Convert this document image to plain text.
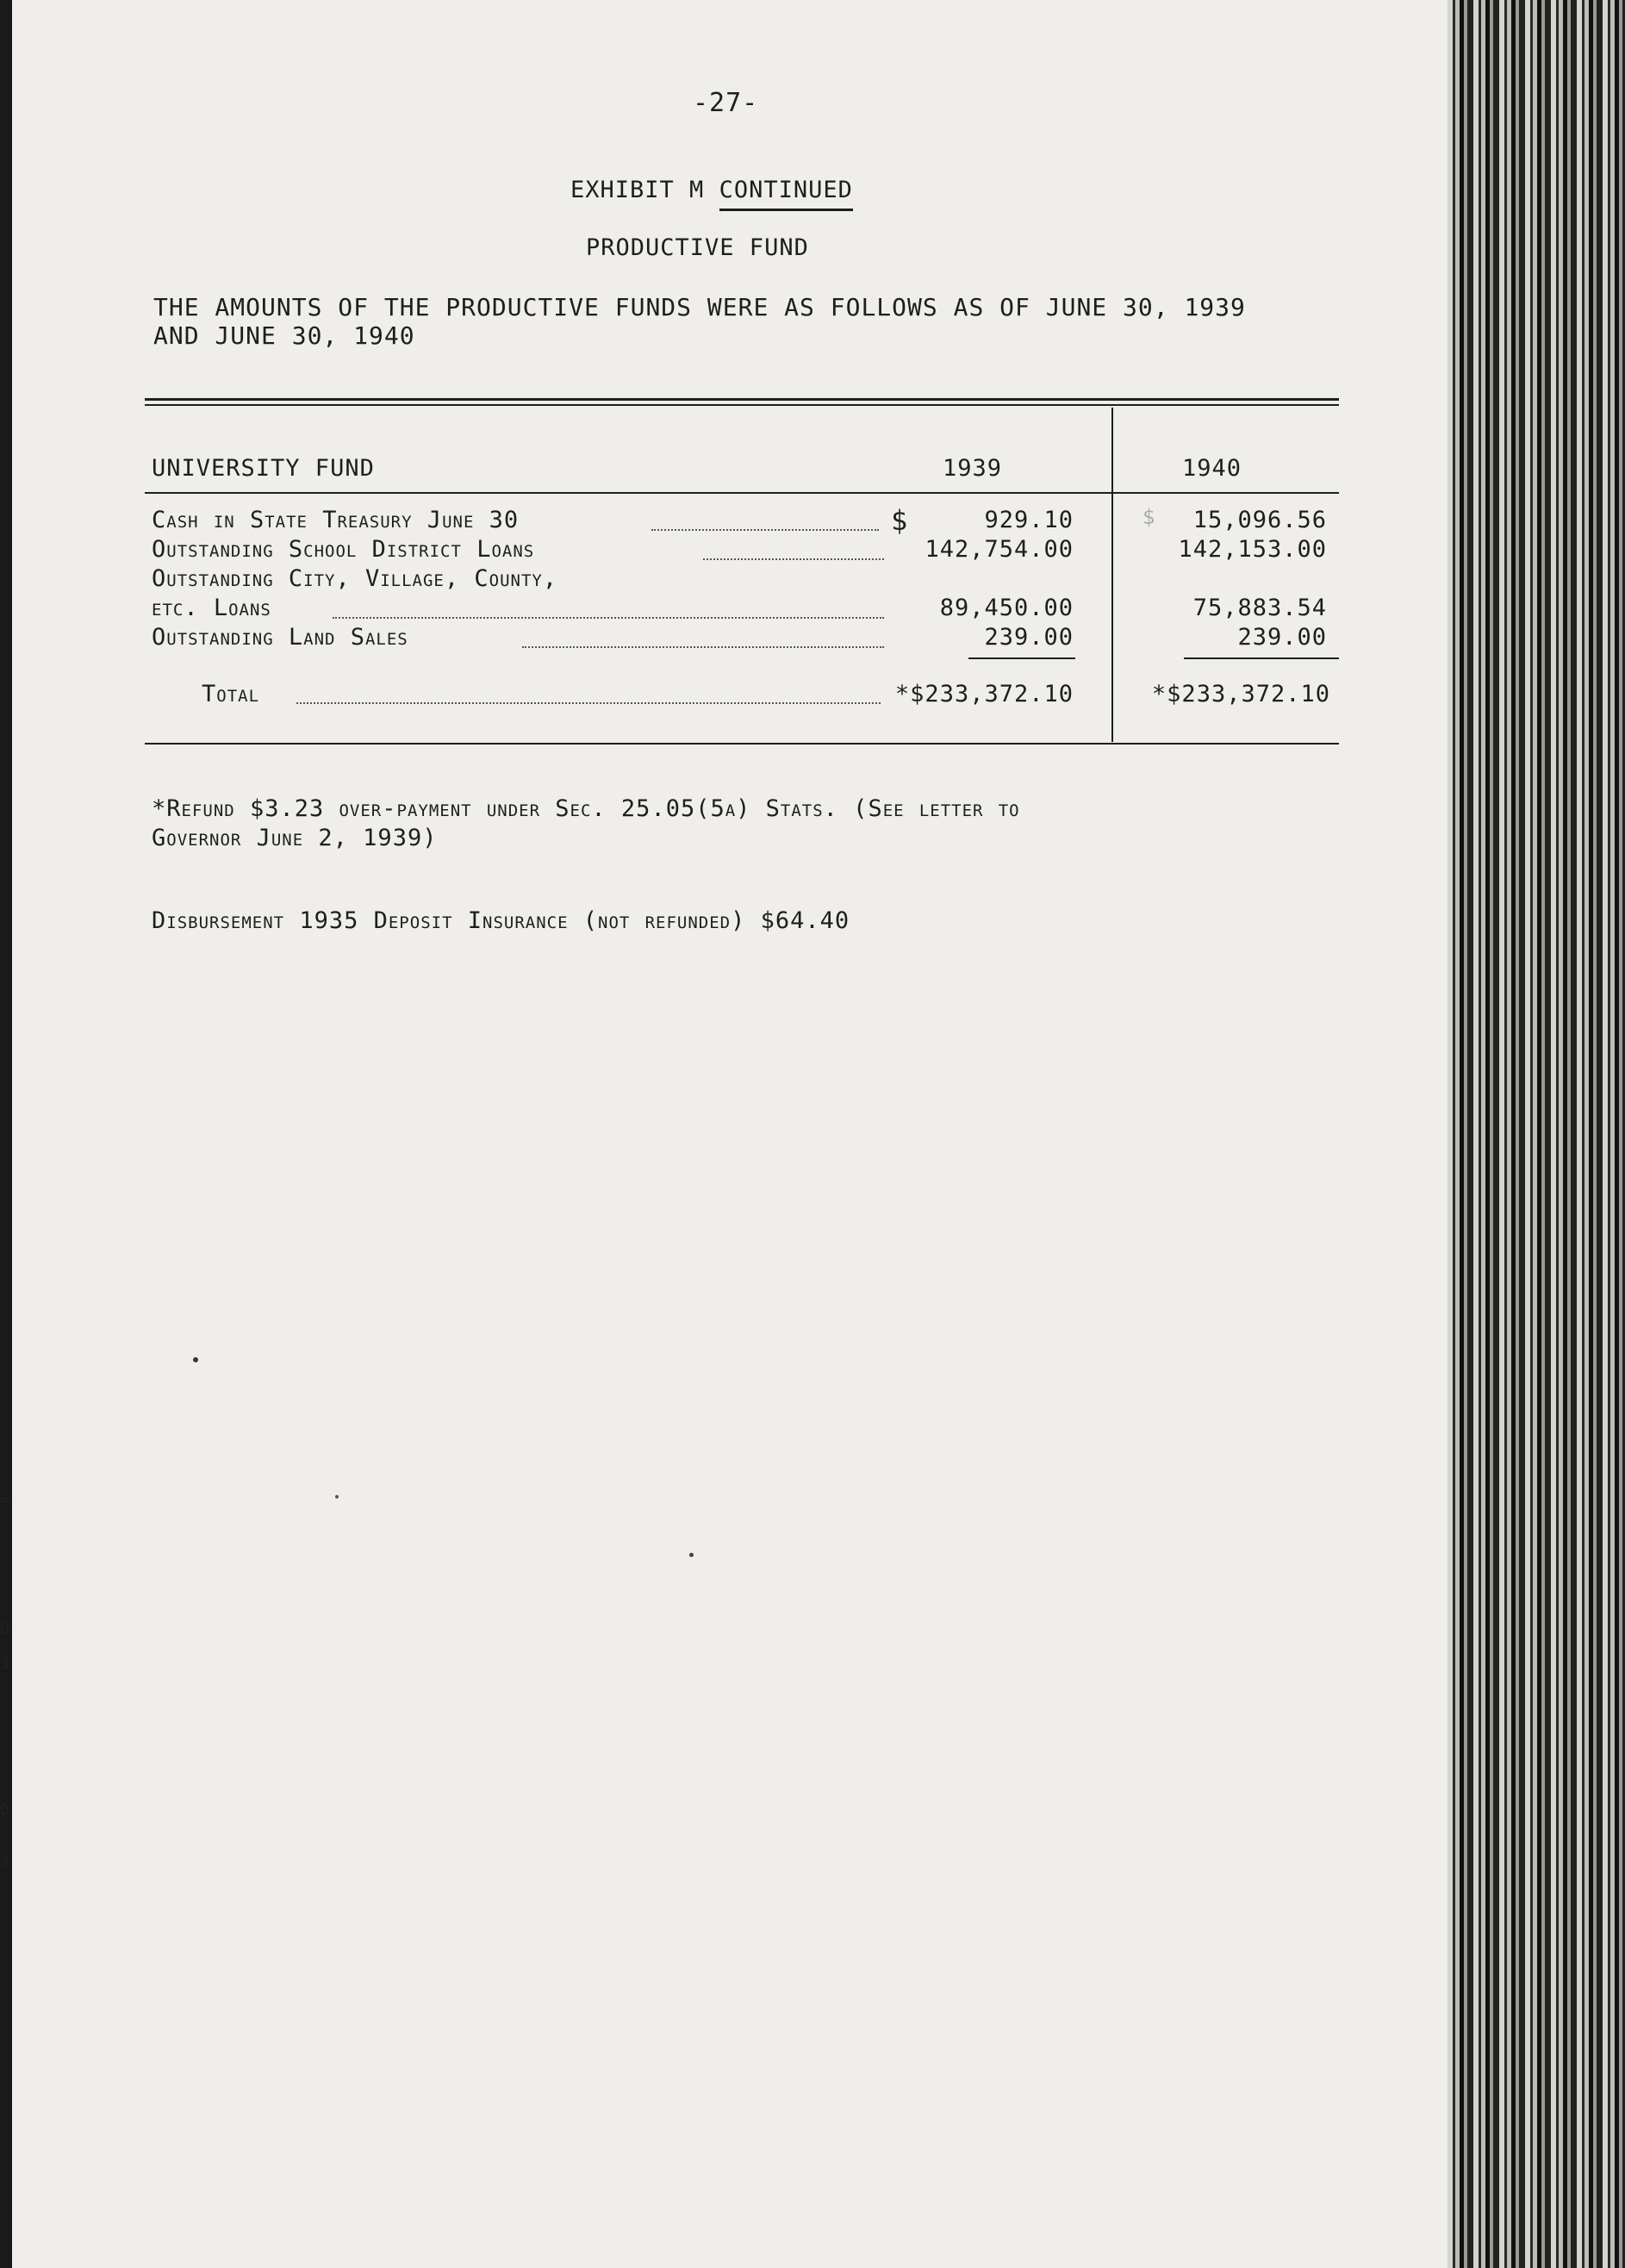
=
0
3
0
3
-27-
EXHIBIT M CONTINUED
PRODUCTIVE FUND
THE AMOUNTS OF THE PRODUCTIVE FUNDS WERE AS FOLLOWS AS OF JUNE 30, 1939
AND JUNE 30, 1940
UNIVERSITY FUND	1939	1940
Cash in State Treasury June 30	$	929.10	$	15,096.56
Outstanding School District Loans	142,754.00	142,153.00
Outstanding City, Village, County,
etc. Loans	89,450.00	75,883.54
Outstanding Land Sales	239.00	239.00
Total	*$233,372.10	*$233,372.10
*Refund $3.23 over-payment under Sec. 25.05(5a) Stats. (See letter to
Governor June 2, 1939)
Disbursement 1935 Deposit Insurance (not refunded) $64.40
